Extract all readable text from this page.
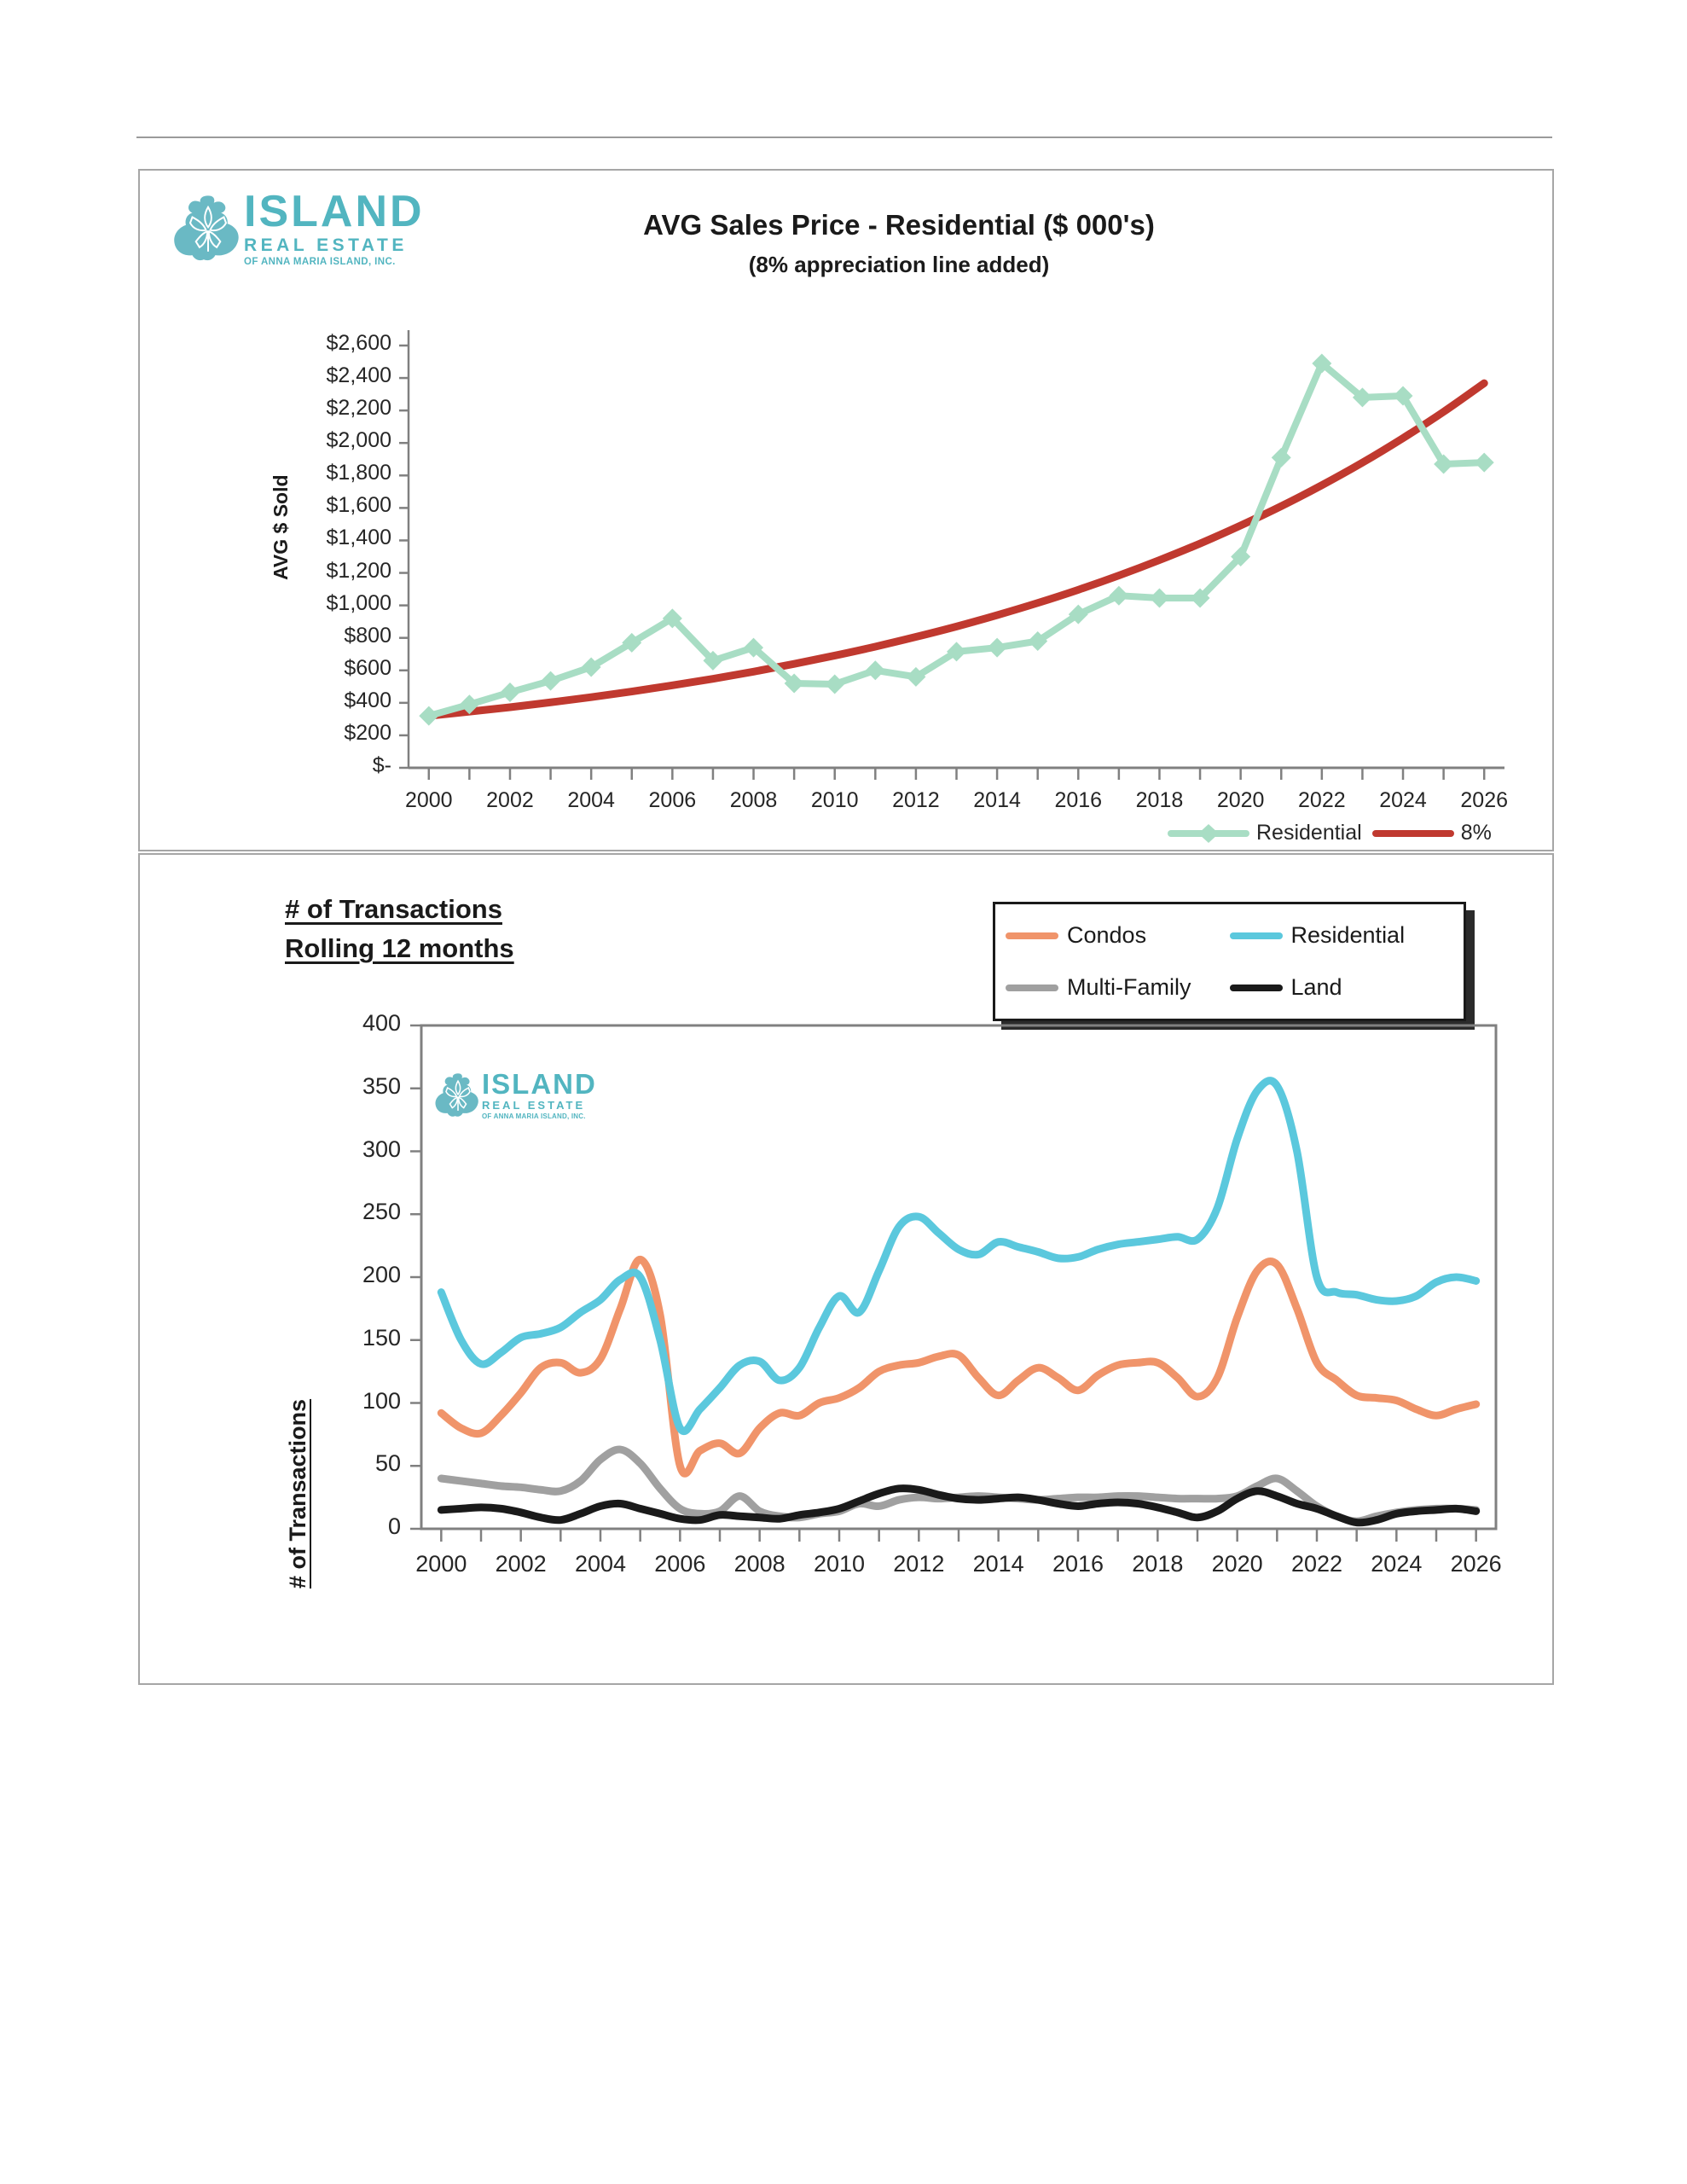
ISLAND
REAL ESTATE
OF ANNA MARIA ISLAND, INC.
AVG Sales Price - Residential ($ 000's)
(8% appreciation line added)
AVG $ Sold
$-
$200
$400
$600
$800
$1,000
$1,200
$1,400
$1,600
$1,800
$2,000
$2,200
$2,400
$2,600
2000	2002	2004	2006	2008	2010	2012	2014	2016	2018	2020	2022	2024	2026
Residential	8%
# of Transactions
Rolling 12 months	Condos	Residential
Multi-Family	Land
# of Transactions	0
50
100
150
200
250
300
350
400
2000	2002	2004	2006	2008	2010	2012	2014	2016	2018	2020	2022	2024	2026
ISLAND
REAL ESTATE
OF ANNA MARIA ISLAND, INC.
